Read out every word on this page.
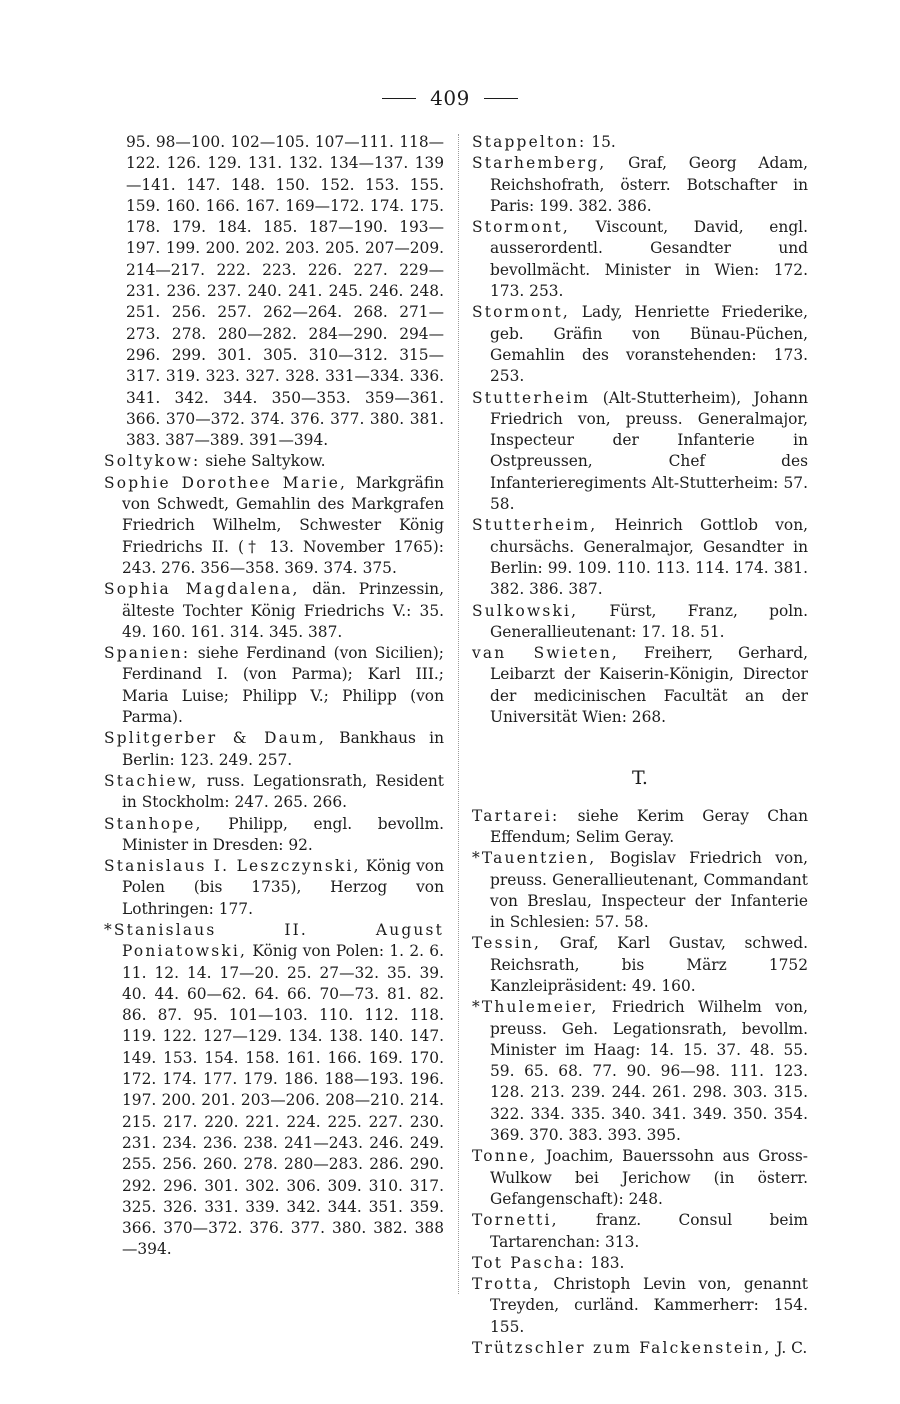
409
95. 98—100. 102—105. 107—111. 118—122. 126. 129. 131. 132. 134—137. 139—141. 147. 148. 150. 152. 153. 155. 159. 160. 166. 167. 169—172. 174. 175. 178. 179. 184. 185. 187—190. 193—197. 199. 200. 202. 203. 205. 207—209. 214—217. 222. 223. 226. 227. 229—231. 236. 237. 240. 241. 245. 246. 248. 251. 256. 257. 262—264. 268. 271—273. 278. 280—282. 284—290. 294—296. 299. 301. 305. 310—312. 315—317. 319. 323. 327. 328. 331—334. 336. 341. 342. 344. 350—353. 359—361. 366. 370—372. 374. 376. 377. 380. 381. 383. 387—389. 391—394.
Soltykow: siehe Saltykow.
Sophie Dorothee Marie, Markgräfin von Schwedt, Gemahlin des Markgrafen Friedrich Wilhelm, Schwester König Friedrichs II. († 13. November 1765): 243. 276. 356—358. 369. 374. 375.
Sophia Magdalena, dän. Prinzessin, älteste Tochter König Friedrichs V.: 35. 49. 160. 161. 314. 345. 387.
Spanien: siehe Ferdinand (von Sicilien); Ferdinand I. (von Parma); Karl III.; Maria Luise; Philipp V.; Philipp (von Parma).
Splitgerber & Daum, Bankhaus in Berlin: 123. 249. 257.
Stachiew, russ. Legationsrath, Resident in Stockholm: 247. 265. 266.
Stanhope, Philipp, engl. bevollm. Minister in Dresden: 92.
Stanislaus I. Leszczynski, König von Polen (bis 1735), Herzog von Lothringen: 177.
*Stanislaus II. August Poniatowski, König von Polen: 1. 2. 6. 11. 12. 14. 17—20. 25. 27—32. 35. 39. 40. 44. 60—62. 64. 66. 70—73. 81. 82. 86. 87. 95. 101—103. 110. 112. 118. 119. 122. 127—129. 134. 138. 140. 147. 149. 153. 154. 158. 161. 166. 169. 170. 172. 174. 177. 179. 186. 188—193. 196. 197. 200. 201. 203—206. 208—210. 214. 215. 217. 220. 221. 224. 225. 227. 230. 231. 234. 236. 238. 241—243. 246. 249. 255. 256. 260. 278. 280—283. 286. 290. 292. 296. 301. 302. 306. 309. 310. 317. 325. 326. 331. 339. 342. 344. 351. 359. 366. 370—372. 376. 377. 380. 382. 388—394.
Stappelton: 15.
Starhemberg, Graf, Georg Adam, Reichshofrath, österr. Botschafter in Paris: 199. 382. 386.
Stormont, Viscount, David, engl. ausserordentl. Gesandter und bevollmächt. Minister in Wien: 172. 173. 253.
Stormont, Lady, Henriette Friederike, geb. Gräfin von Bünau-Püchen, Gemahlin des voranstehenden: 173. 253.
Stutterheim (Alt-Stutterheim), Johann Friedrich von, preuss. Generalmajor, Inspecteur der Infanterie in Ostpreussen, Chef des Infanterieregiments Alt-Stutterheim: 57. 58.
Stutterheim, Heinrich Gottlob von, chursächs. Generalmajor, Gesandter in Berlin: 99. 109. 110. 113. 114. 174. 381. 382. 386. 387.
Sulkowski, Fürst, Franz, poln. Generallieutenant: 17. 18. 51.
van Swieten, Freiherr, Gerhard, Leibarzt der Kaiserin-Königin, Director der medicinischen Facultät an der Universität Wien: 268.
T.
Tartarei: siehe Kerim Geray Chan Effendum; Selim Geray.
*Tauentzien, Bogislav Friedrich von, preuss. Generallieutenant, Commandant von Breslau, Inspecteur der Infanterie in Schlesien: 57. 58.
Tessin, Graf, Karl Gustav, schwed. Reichsrath, bis März 1752 Kanzleipräsident: 49. 160.
*Thulemeier, Friedrich Wilhelm von, preuss. Geh. Legationsrath, bevollm. Minister im Haag: 14. 15. 37. 48. 55. 59. 65. 68. 77. 90. 96—98. 111. 123. 128. 213. 239. 244. 261. 298. 303. 315. 322. 334. 335. 340. 341. 349. 350. 354. 369. 370. 383. 393. 395.
Tonne, Joachim, Bauerssohn aus Gross-Wulkow bei Jerichow (in österr. Gefangenschaft): 248.
Tornetti, franz. Consul beim Tartarenchan: 313.
Tot Pascha: 183.
Trotta, Christoph Levin von, genannt Treyden, curländ. Kammerherr: 154. 155.
Trützschler zum Falckenstein, J. C.
